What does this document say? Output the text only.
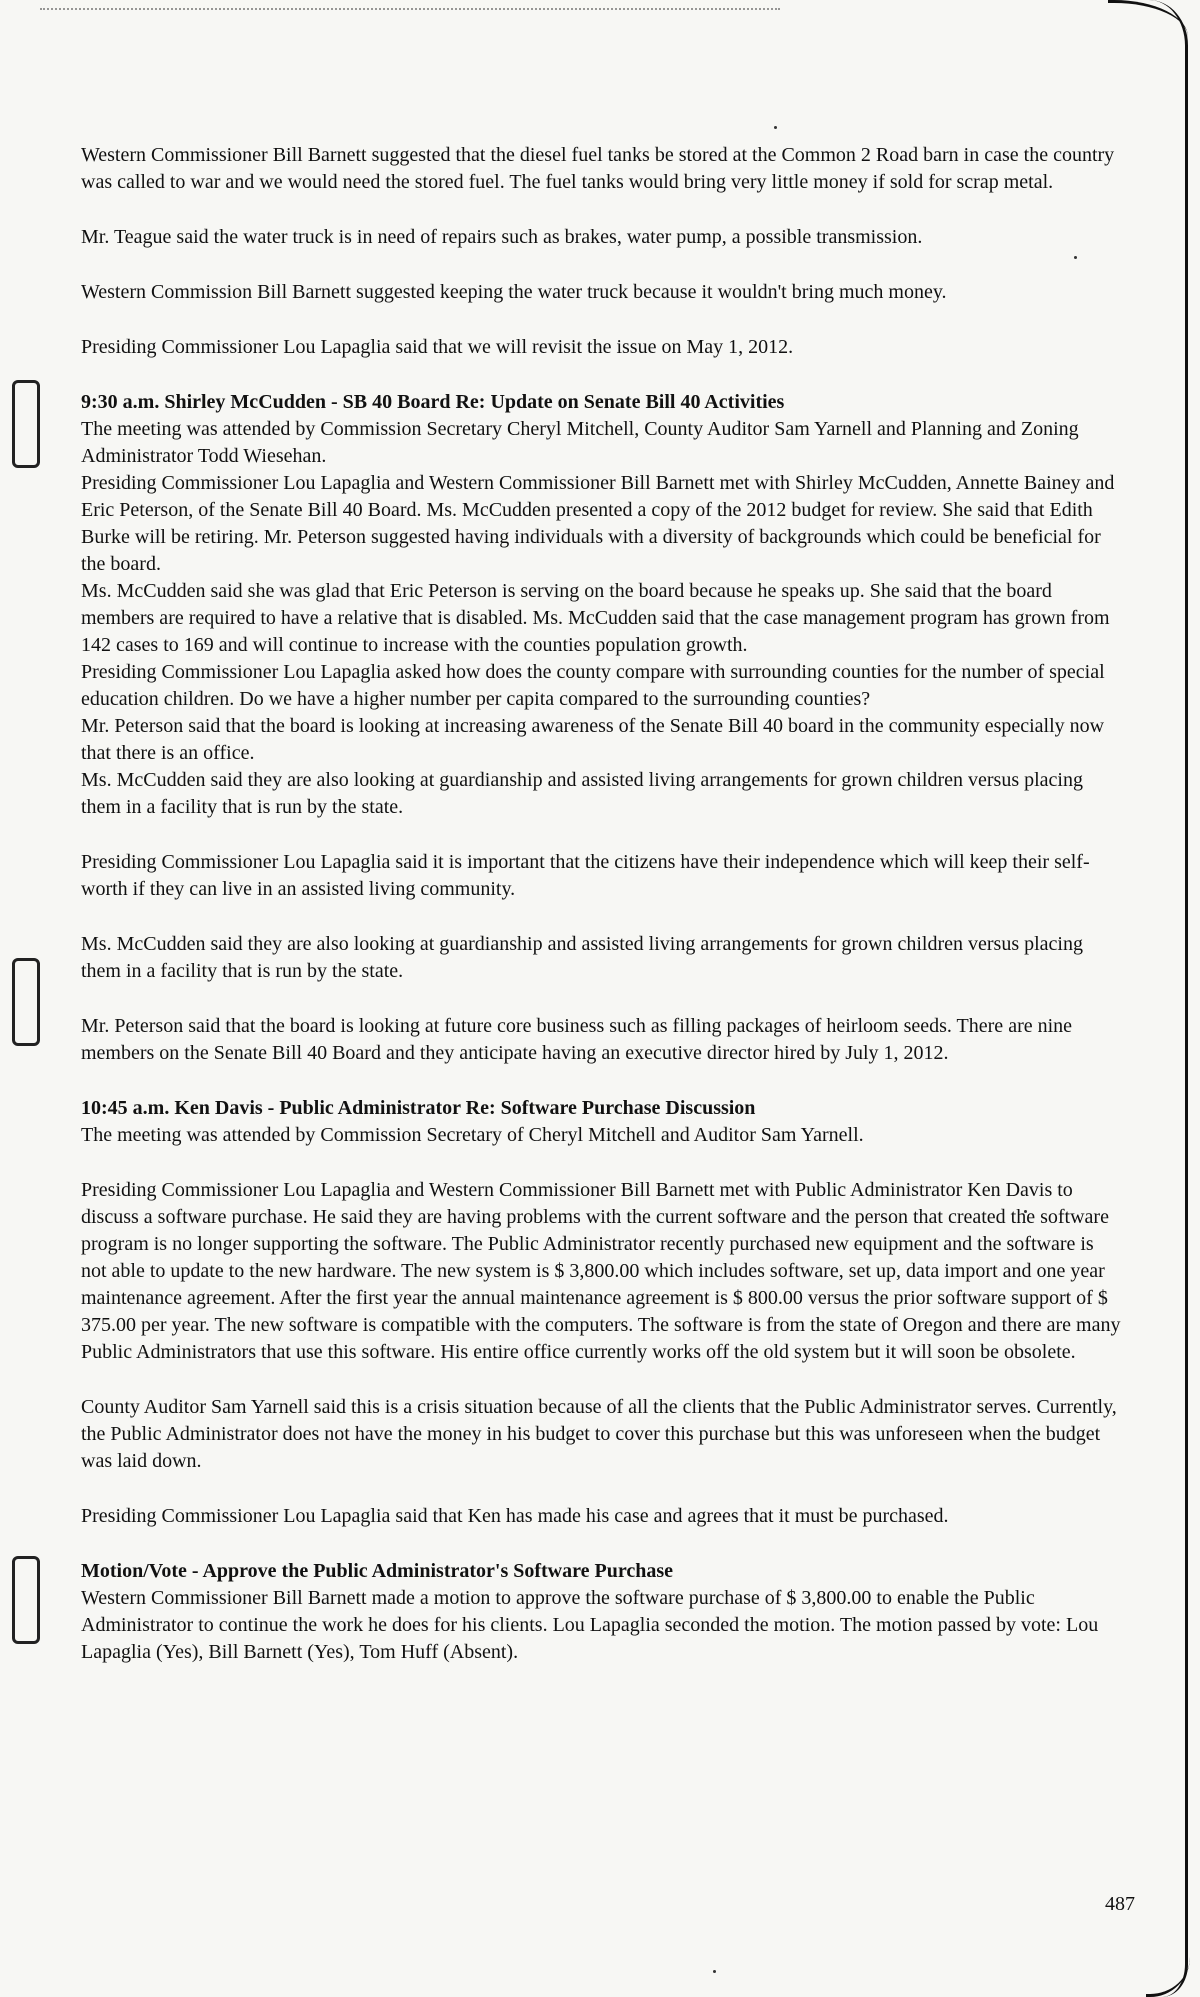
Western Commissioner Bill Barnett suggested that the diesel fuel tanks be stored at the Common 2 Road barn in case the country was called to war and we would need the stored fuel. The fuel tanks would bring very little money if sold for scrap metal.

Mr. Teague said the water truck is in need of repairs such as brakes, water pump, a possible transmission.

Western Commission Bill Barnett suggested keeping the water truck because it wouldn't bring much money.

Presiding Commissioner Lou Lapaglia said that we will revisit the issue on May 1, 2012.

9:30 a.m. Shirley McCudden - SB 40 Board Re: Update on Senate Bill 40 Activities

The meeting was attended by Commission Secretary Cheryl Mitchell, County Auditor Sam Yarnell and Planning and Zoning Administrator Todd Wiesehan.

Presiding Commissioner Lou Lapaglia and Western Commissioner Bill Barnett met with Shirley McCudden, Annette Bainey and Eric Peterson, of the Senate Bill 40 Board. Ms. McCudden presented a copy of the 2012 budget for review. She said that Edith Burke will be retiring. Mr. Peterson suggested having individuals with a diversity of backgrounds which could be beneficial for the board.

Ms. McCudden said she was glad that Eric Peterson is serving on the board because he speaks up. She said that the board members are required to have a relative that is disabled. Ms. McCudden said that the case management program has grown from 142 cases to 169 and will continue to increase with the counties population growth.

Presiding Commissioner Lou Lapaglia asked how does the county compare with surrounding counties for the number of special education children. Do we have a higher number per capita compared to the surrounding counties?

Mr. Peterson said that the board is looking at increasing awareness of the Senate Bill 40 board in the community especially now that there is an office.

Ms. McCudden said they are also looking at guardianship and assisted living arrangements for grown children versus placing them in a facility that is run by the state.

Presiding Commissioner Lou Lapaglia said it is important that the citizens have their independence which will keep their self-worth if they can live in an assisted living community.

Ms. McCudden said they are also looking at guardianship and assisted living arrangements for grown children versus placing them in a facility that is run by the state.

Mr. Peterson said that the board is looking at future core business such as filling packages of heirloom seeds. There are nine members on the Senate Bill 40 Board and they anticipate having an executive director hired by July 1, 2012.

10:45 a.m. Ken Davis - Public Administrator Re: Software Purchase Discussion

The meeting was attended by Commission Secretary of Cheryl Mitchell and Auditor Sam Yarnell.

Presiding Commissioner Lou Lapaglia and Western Commissioner Bill Barnett met with Public Administrator Ken Davis to discuss a software purchase. He said they are having problems with the current software and the person that created the software program is no longer supporting the software. The Public Administrator recently purchased new equipment and the software is not able to update to the new hardware. The new system is $ 3,800.00 which includes software, set up, data import and one year maintenance agreement. After the first year the annual maintenance agreement is $ 800.00 versus the prior software support of $ 375.00 per year. The new software is compatible with the computers. The software is from the state of Oregon and there are many Public Administrators that use this software. His entire office currently works off the old system but it will soon be obsolete.

County Auditor Sam Yarnell said this is a crisis situation because of all the clients that the Public Administrator serves. Currently, the Public Administrator does not have the money in his budget to cover this purchase but this was unforeseen when the budget was laid down.

Presiding Commissioner Lou Lapaglia said that Ken has made his case and agrees that it must be purchased.

Motion/Vote - Approve the Public Administrator's Software Purchase

Western Commissioner Bill Barnett made a motion to approve the software purchase of $ 3,800.00 to enable the Public Administrator to continue the work he does for his clients. Lou Lapaglia seconded the motion. The motion passed by vote: Lou Lapaglia (Yes), Bill Barnett (Yes), Tom Huff (Absent).

487
